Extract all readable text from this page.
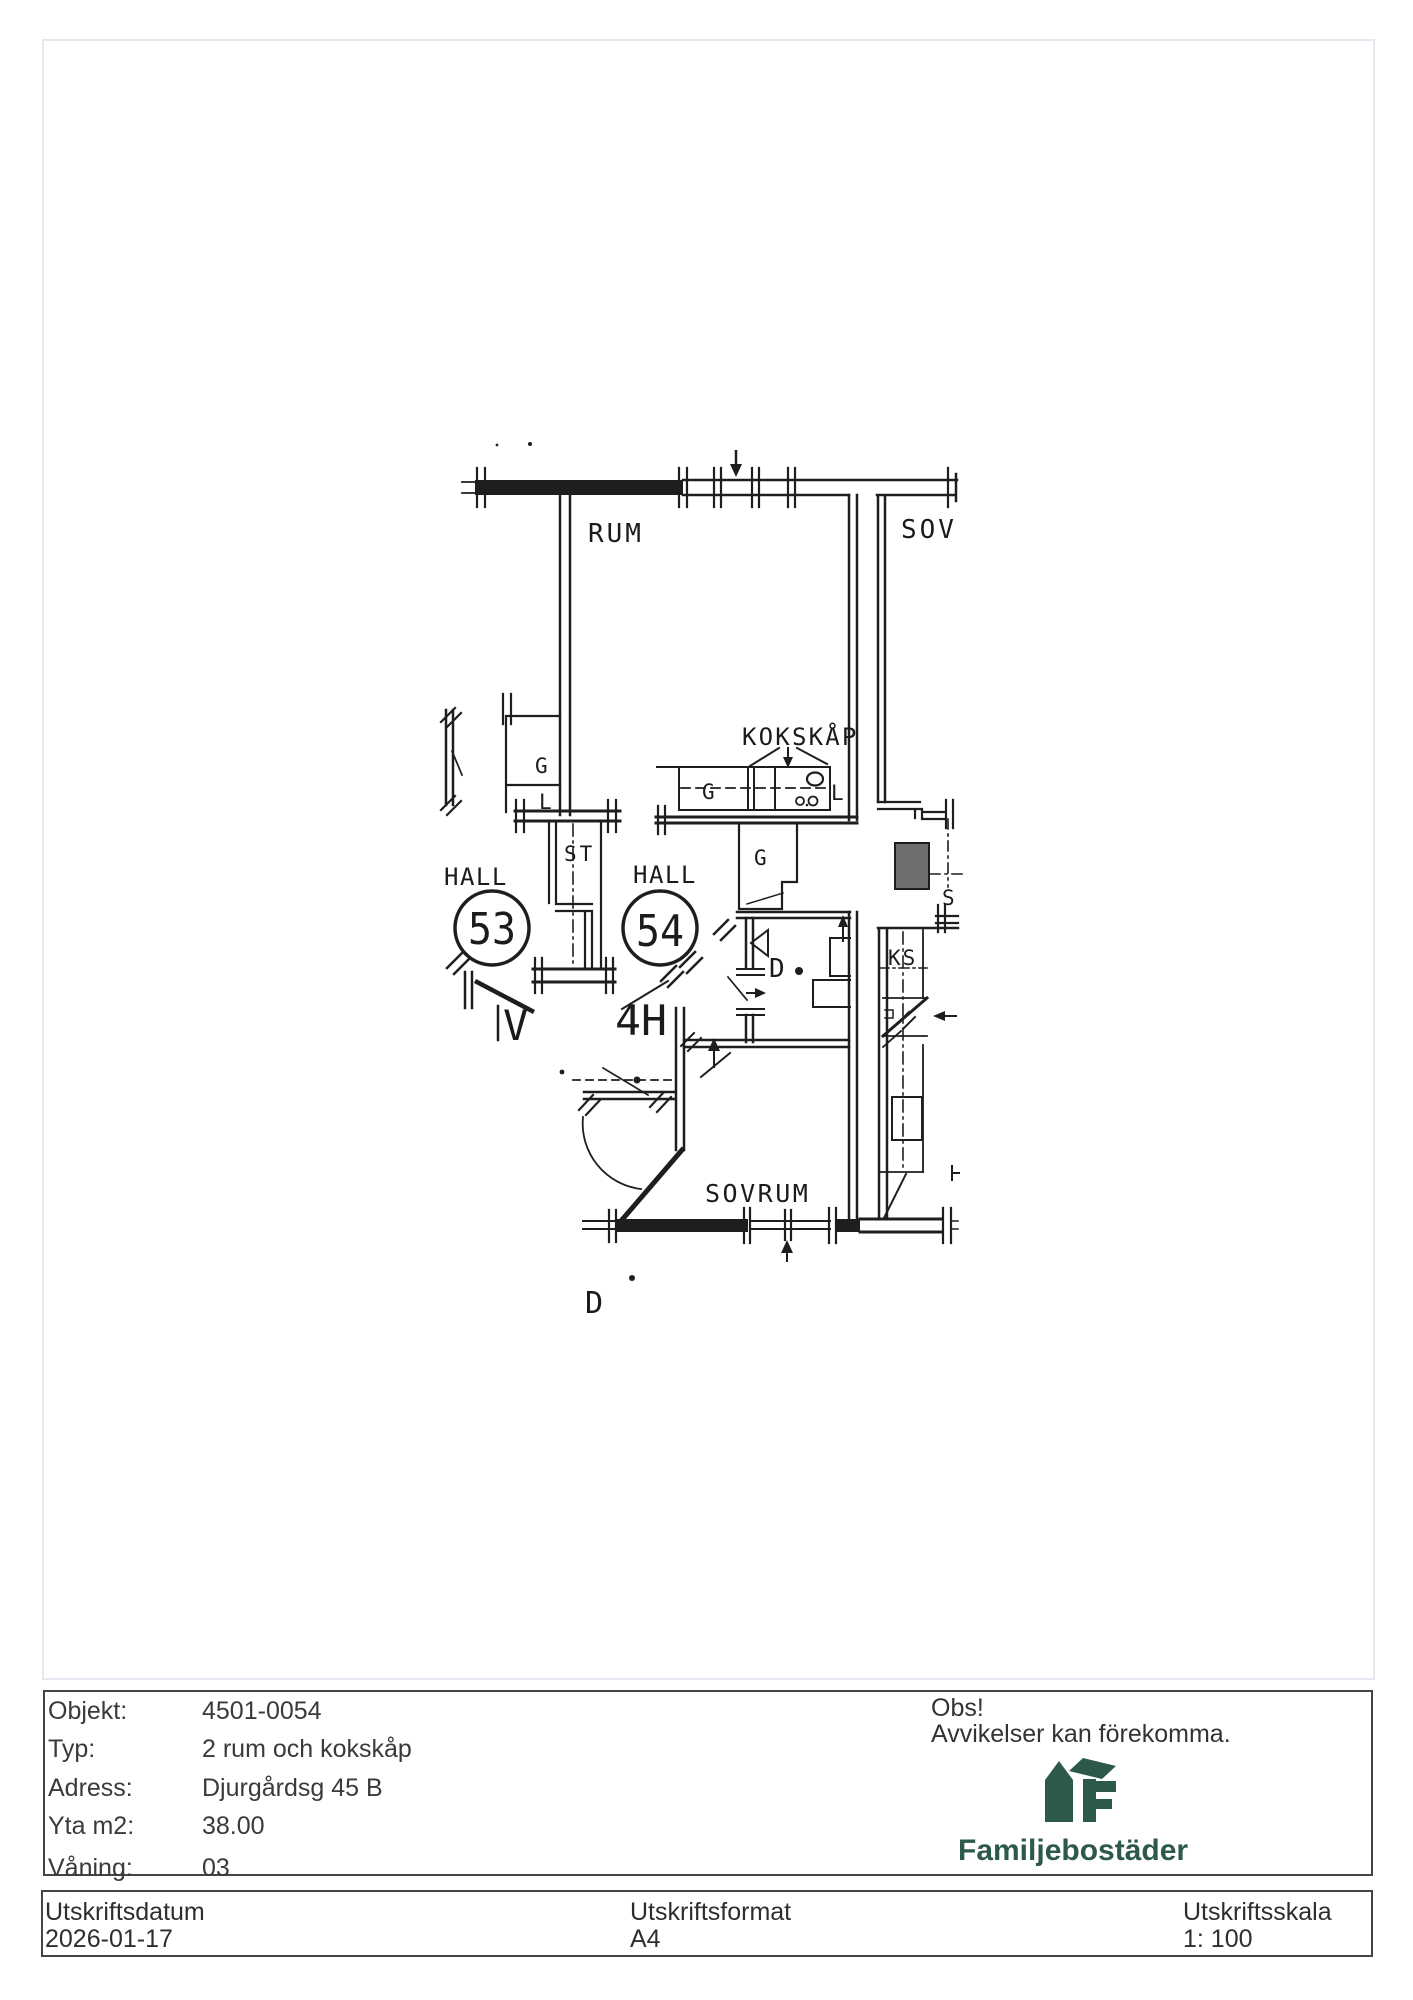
RUM	SOV
KOKSKÅP
G
L
ST
HALL
53
HALL
54
G	L
G
D
V 4H
SOVRUM
KS
S
D
Objekt:	4501-0054
Typ:	2 rum och kokskåp
Adress:	Djurgårdsg 45 B
Yta m2:	38.00
Våning:	03
Obs!
Avvikelser kan förekomma.
Familjebostäder
Utskriftsdatum
2026-01-17
Utskriftsformat
A4
Utskriftsskala
1: 100
